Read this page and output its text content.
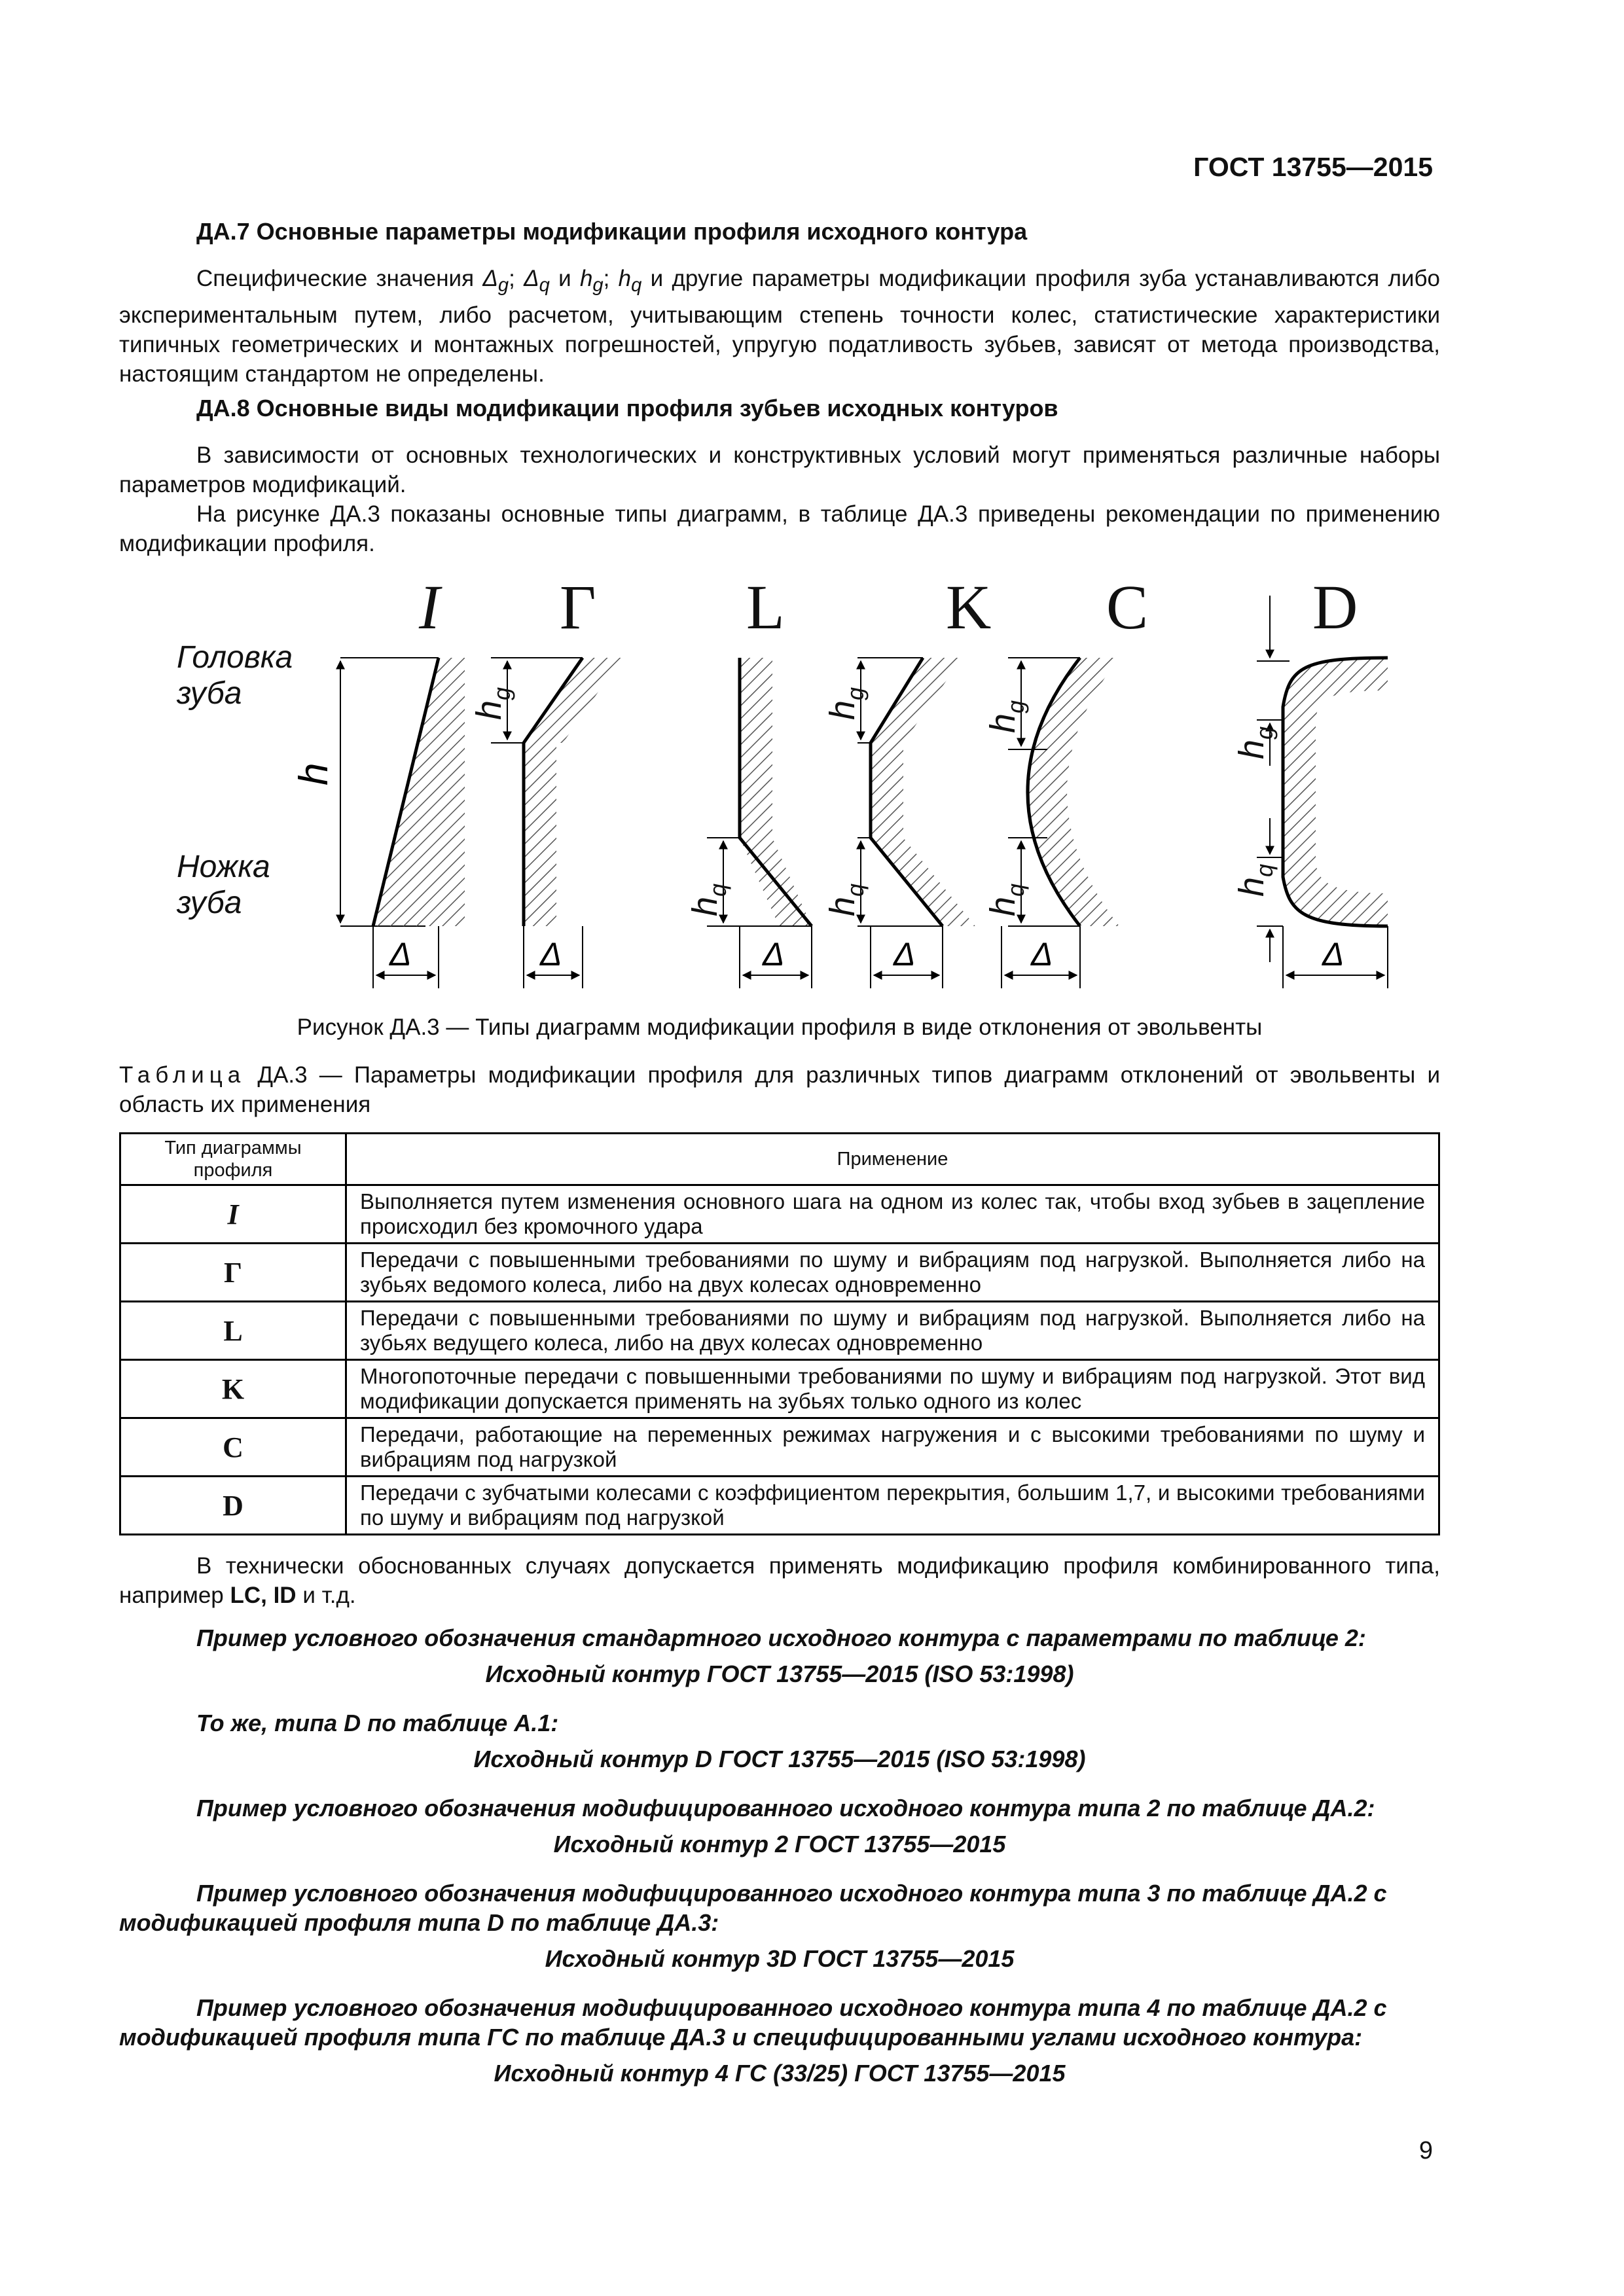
ГОСТ 13755—2015
ДА.7 Основные параметры модификации профиля исходного контура
Специфические значения $\Delta_g$; $\Delta_q$ и $h_g$; $h_q$ и другие параметры модификации профиля зуба устанавливаются либо экспериментальным путем, либо расчетом, учитывающим степень точности колес, статистические характеристики типичных геометрических и монтажных погрешностей, упругую податливость зубьев, зависят от метода производства, настоящим стандартом не определены.
ДА.8 Основные виды модификации профиля зубьев исходных контуров
В зависимости от основных технологических и конструктивных условий могут применяться различные наборы параметров модификаций.
На рисунке ДА.3 показаны основные типы диаграмм, в таблице ДА.3 приведены рекомендации по применению модификации профиля.
I Г L	K C	D
Головка
зуба
Ножка
зуба
h
Δ	Δ	Δ	Δ	Δ	Δ
h
g
h
q
h
g
h
q
h
g
h
q
h
g
h
q
Рисунок ДА.3 — Типы диаграмм модификации профиля в виде отклонения от эвольвенты
Таблица ДА.3 — Параметры модификации профиля для различных типов диаграмм отклонений от эвольвенты и область их применения
Тип диаграммы
профиля	Применение
I	Выполняется путем изменения основного шага на одном из колес так, чтобы вход зубьев в зацепление происходил без кромочного удара
Г	Передачи с повышенными требованиями по шуму и вибрациям под нагрузкой. Выполняется либо на зубьях ведомого колеса, либо на двух колесах одновременно
L	Передачи с повышенными требованиями по шуму и вибрациям под нагрузкой. Выполняется либо на зубьях ведущего колеса, либо на двух колесах одновременно
K	Многопоточные передачи с повышенными требованиями по шуму и вибрациям под нагрузкой. Этот вид модификации допускается применять на зубьях только одного из колес
C	Передачи, работающие на переменных режимах нагружения и с высокими требованиями по шуму и вибрациям под нагрузкой
D	Передачи с зубчатыми колесами с коэффициентом перекрытия, большим 1,7, и высокими требованиями по шуму и вибрациям под нагрузкой
В технически обоснованных случаях допускается применять модификацию профиля комбинированного типа, например LC, ID и т.д.
Пример условного обозначения стандартного исходного контура с параметрами по таблице 2:
Исходный контур ГОСТ 13755—2015 (ISO 53:1998)
То же, типа D по таблице А.1:
Исходный контур D ГОСТ 13755—2015 (ISO 53:1998)
Пример условного обозначения модифицированного исходного контура типа 2 по таблице ДА.2:
Исходный контур 2 ГОСТ 13755—2015
Пример условного обозначения модифицированного исходного контура типа 3 по таблице ДА.2 с модификацией профиля типа D по таблице ДА.3:
Исходный контур 3D ГОСТ 13755—2015
Пример условного обозначения модифицированного исходного контура типа 4 по таблице ДА.2 с модификацией профиля типа ГС по таблице ДА.3 и специфицированными углами исходного контура:
Исходный контур 4 ГС (33/25) ГОСТ 13755—2015
9
